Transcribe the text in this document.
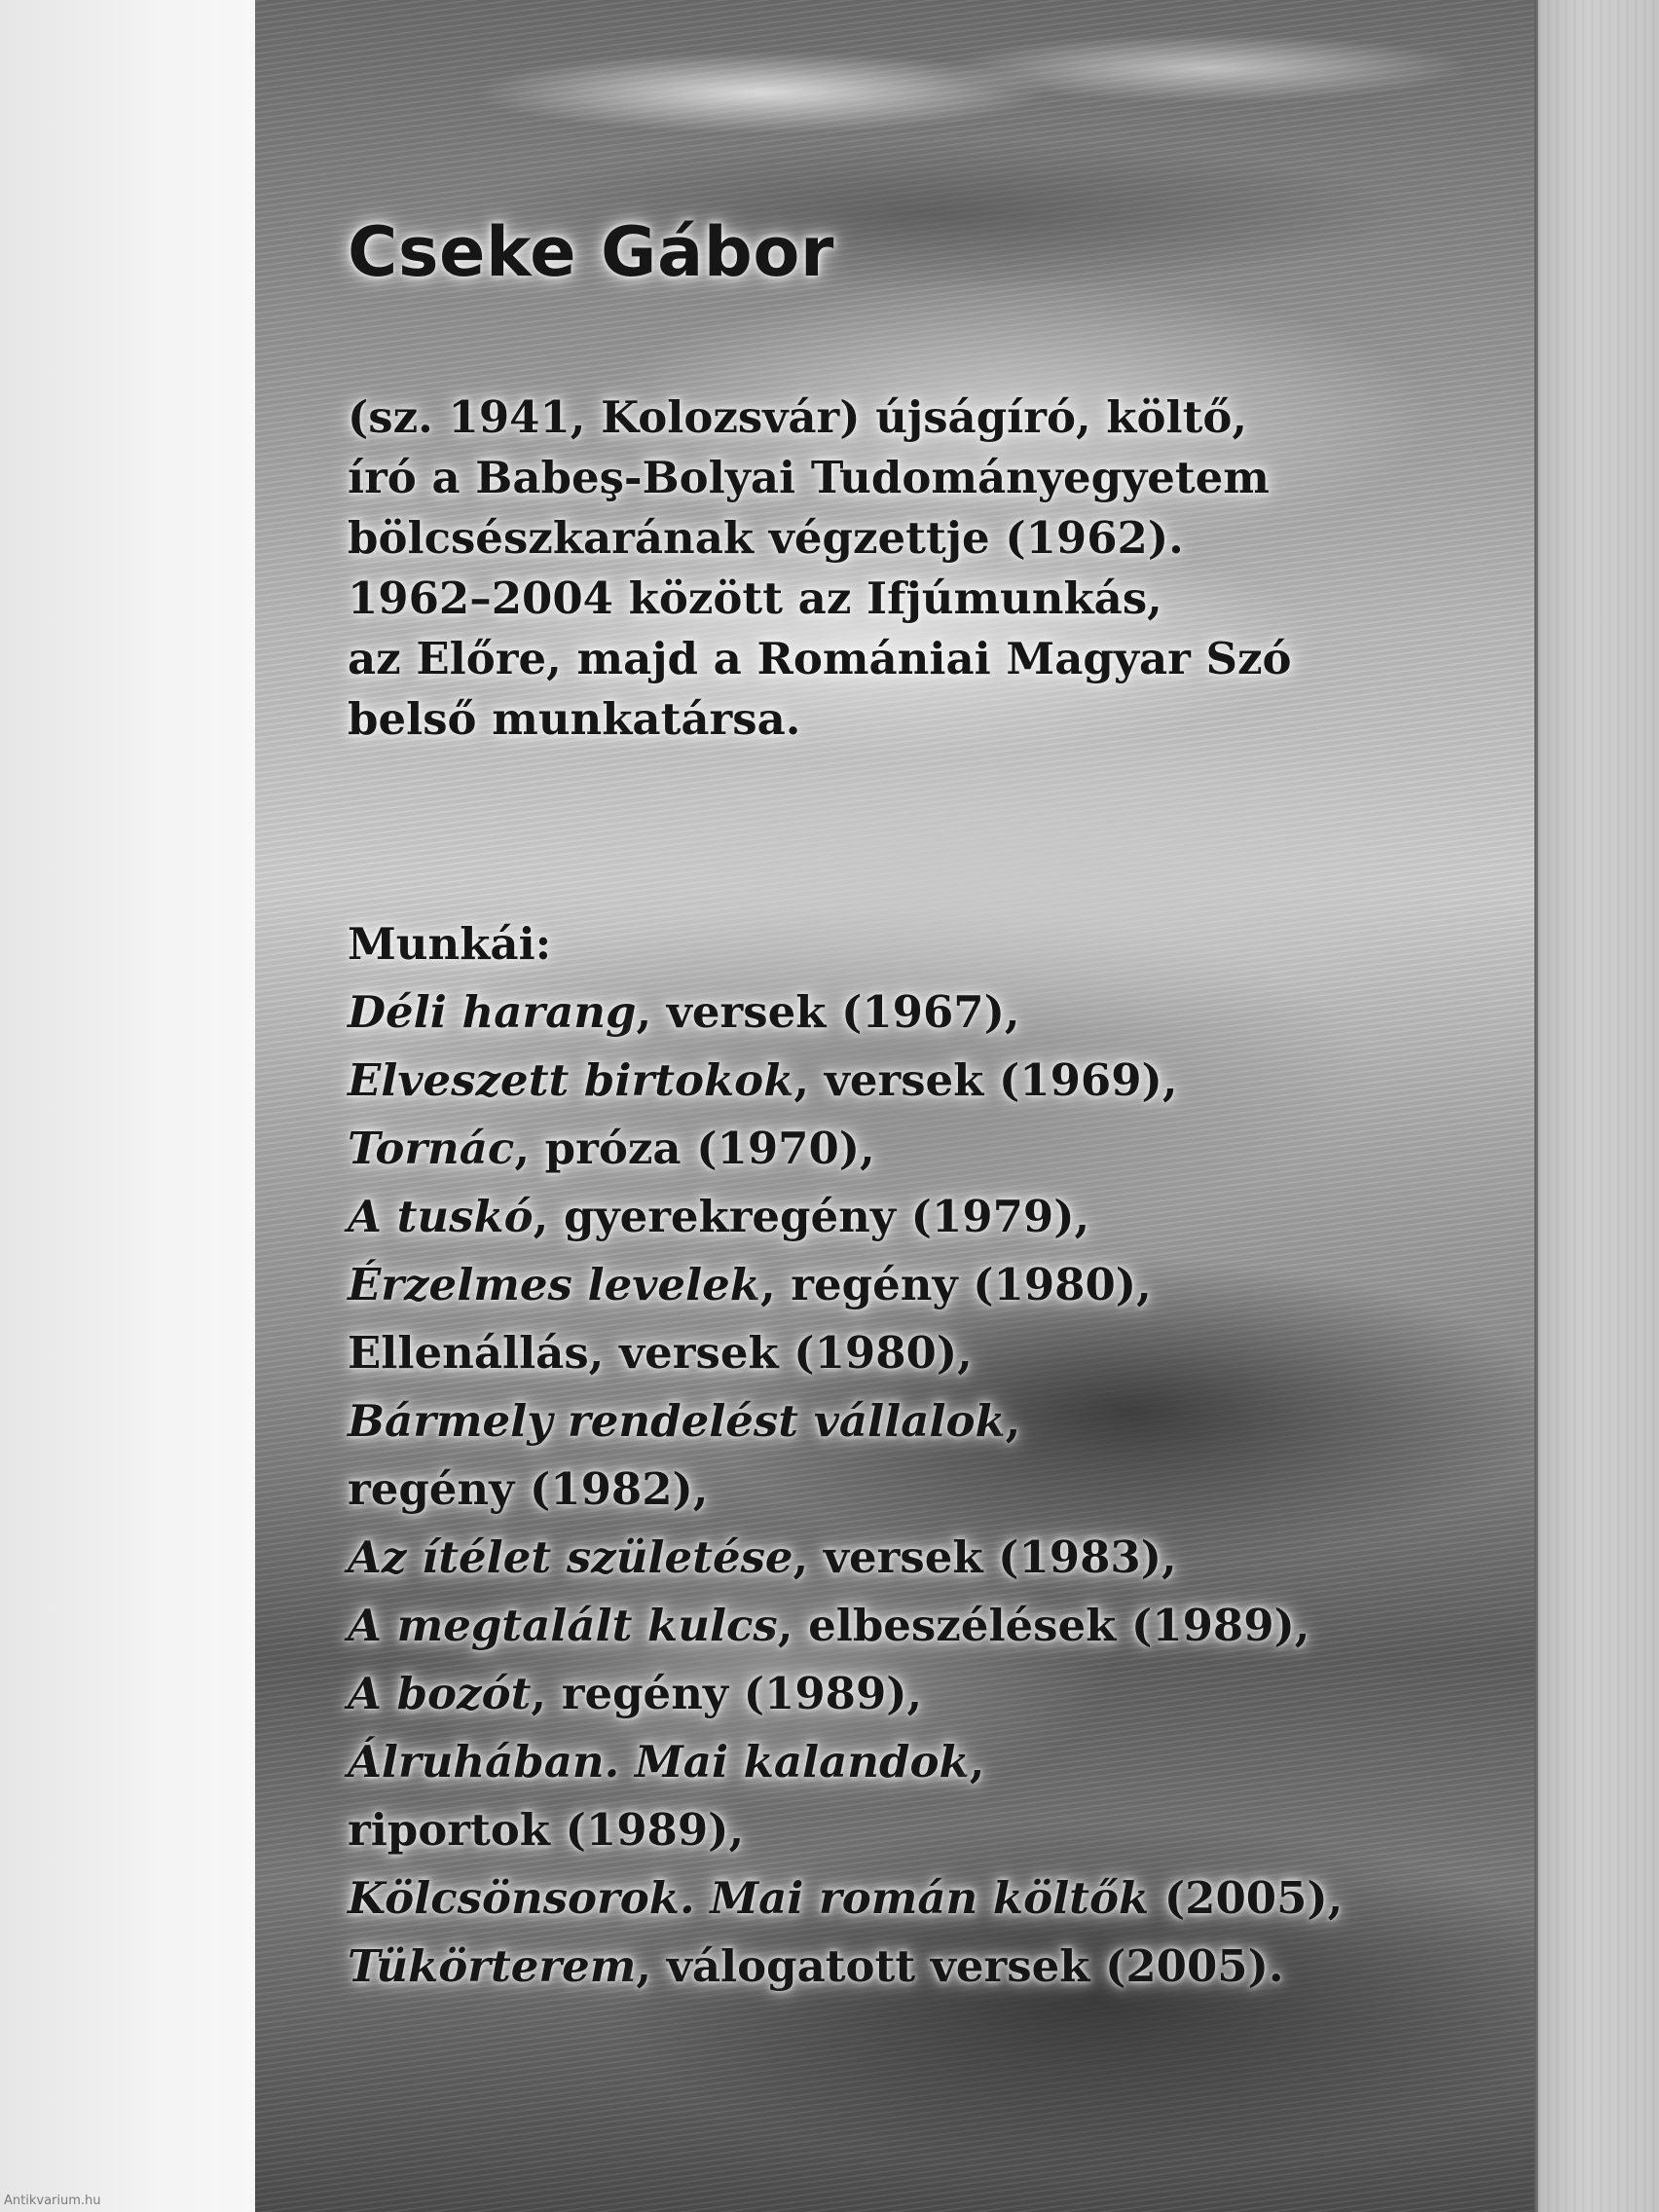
Cseke Gábor
(sz. 1941, Kolozsvár) újságíró, költő,
író a Babeş-Bolyai Tudományegyetem
bölcsészkarának végzettje (1962).
1962–2004 között az Ifjúmunkás,
az Előre, majd a Romániai Magyar Szó
belső munkatársa.
Munkái:
Déli harang, versek (1967),
Elveszett birtokok, versek (1969),
Tornác, próza (1970),
A tuskó, gyerekregény (1979),
Érzelmes levelek, regény (1980),
Ellenállás, versek (1980),
Bármely rendelést vállalok,
regény (1982),
Az ítélet születése, versek (1983),
A megtalált kulcs, elbeszélések (1989),
A bozót, regény (1989),
Álruhában. Mai kalandok,
riportok (1989),
Kölcsönsorok. Mai román költők (2005),
Tükörterem, válogatott versek (2005).
Antikvarium.hu
